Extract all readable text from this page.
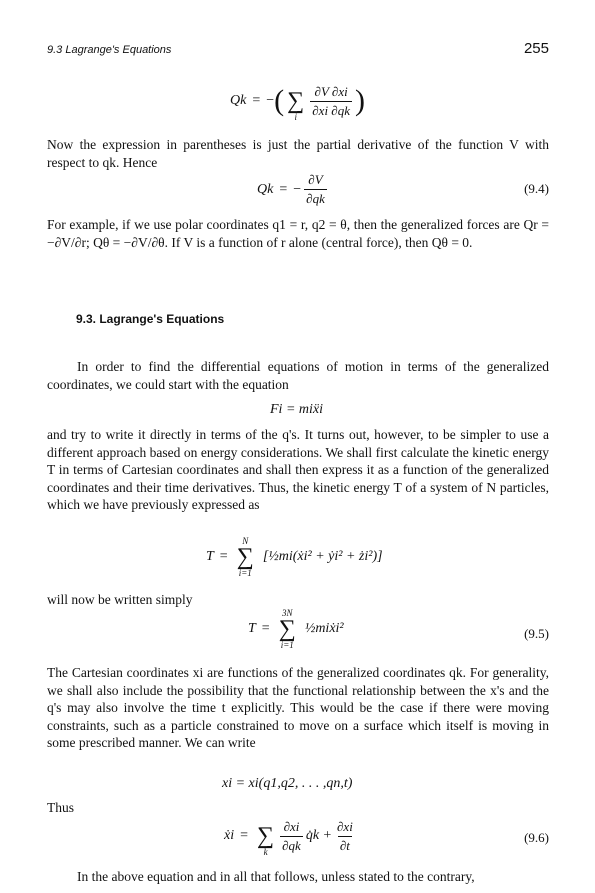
9.3 Lagrange's Equations	255
Qk = − (
∑
i $\frac{\partial V \partial xi}{\partial xi \partial qk}$ )
Now the expression in parentheses is just the partial derivative of the function V with respect to qk. Hence
Qk = − $\frac{\partial V}{\partial qk}$	(9.4)
For example, if we use polar coordinates q1 = r, q2 = θ, then the generalized forces are Qr = −∂V/∂r; Qθ = −∂V/∂θ. If V is a function of r alone (central force), then Qθ = 0.
9.3. Lagrange's Equations
In order to find the differential equations of motion in terms of the generalized coordinates, we could start with the equation
Fi = miẍi
and try to write it directly in terms of the q's. It turns out, however, to be simpler to use a different approach based on energy considerations. We shall first calculate the kinetic energy T in terms of Cartesian coordinates and shall then express it as a function of the generalized coordinates and their time derivatives. Thus, the kinetic energy T of a system of N particles, which we have previously expressed as
T =
N
∑
i=1
[½mi(ẋi² + ẏi² + żi²)]
will now be written simply
T =
3N
∑
i=1
½miẋi²	(9.5)
The Cartesian coordinates xi are functions of the generalized coordinates qk. For generality, we shall also include the possibility that the functional relationship between the x's and the q's may also involve the time t explicitly. This would be the case if there were moving constraints, such as a particle constrained to move on a surface which itself is moving in some prescribed manner. We can write
xi = xi(q1,q2, . . . ,qn,t)
Thus
ẋi =
∑
k $\frac{\partial xi}{\partial qk}$ q̇k + $\frac{\partial xi}{\partial t}$	(9.6)
In the above equation and in all that follows, unless stated to the contrary,
